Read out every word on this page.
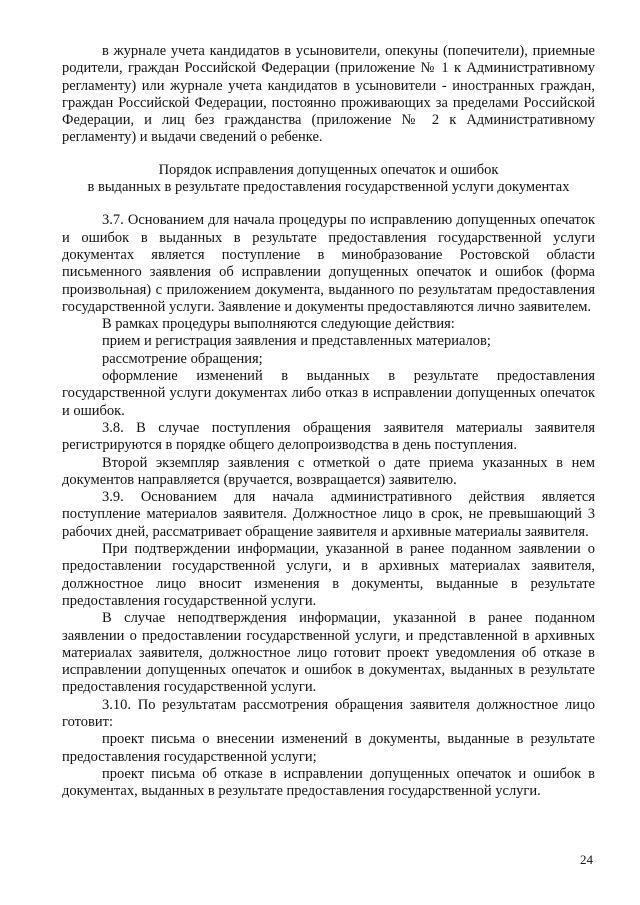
в журнале учета кандидатов в усыновители, опекуны (попечители), приемные родители, граждан Российской Федерации (приложение № 1 к Административному регламенту) или журнале учета кандидатов в усыновители - иностранных граждан, граждан Российской Федерации, постоянно проживающих за пределами Российской Федерации, и лиц без гражданства (приложение № 2 к Административному регламенту) и выдачи сведений о ребенке.

Порядок исправления допущенных опечаток и ошибок
в выданных в результате предоставления государственной услуги документах

3.7. Основанием для начала процедуры по исправлению допущенных опечаток и ошибок в выданных в результате предоставления государственной услуги документах является поступление в минобразование Ростовской области письменного заявления об исправлении допущенных опечаток и ошибок (форма произвольная) с приложением документа, выданного по результатам предоставления государственной услуги. Заявление и документы предоставляются лично заявителем.

В рамках процедуры выполняются следующие действия:

прием и регистрация заявления и представленных материалов;

рассмотрение обращения;

оформление изменений в выданных в результате предоставления государственной услуги документах либо отказ в исправлении допущенных опечаток и ошибок.

3.8. В случае поступления обращения заявителя материалы заявителя регистрируются в порядке общего делопроизводства в день поступления.

Второй экземпляр заявления с отметкой о дате приема указанных в нем документов направляется (вручается, возвращается) заявителю.

3.9. Основанием для начала административного действия является поступление материалов заявителя. Должностное лицо в срок, не превышающий 3 рабочих дней, рассматривает обращение заявителя и архивные материалы заявителя.

При подтверждении информации, указанной в ранее поданном заявлении о предоставлении государственной услуги, и в архивных материалах заявителя, должностное лицо вносит изменения в документы, выданные в результате предоставления государственной услуги.

В случае неподтверждения информации, указанной в ранее поданном заявлении о предоставлении государственной услуги, и представленной в архивных материалах заявителя, должностное лицо готовит проект уведомления об отказе в исправлении допущенных опечаток и ошибок в документах, выданных в результате предоставления государственной услуги.

3.10. По результатам рассмотрения обращения заявителя должностное лицо готовит:

проект письма о внесении изменений в документы, выданные в результате предоставления государственной услуги;

проект письма об отказе в исправлении допущенных опечаток и ошибок в документах, выданных в результате предоставления государственной услуги.

24
